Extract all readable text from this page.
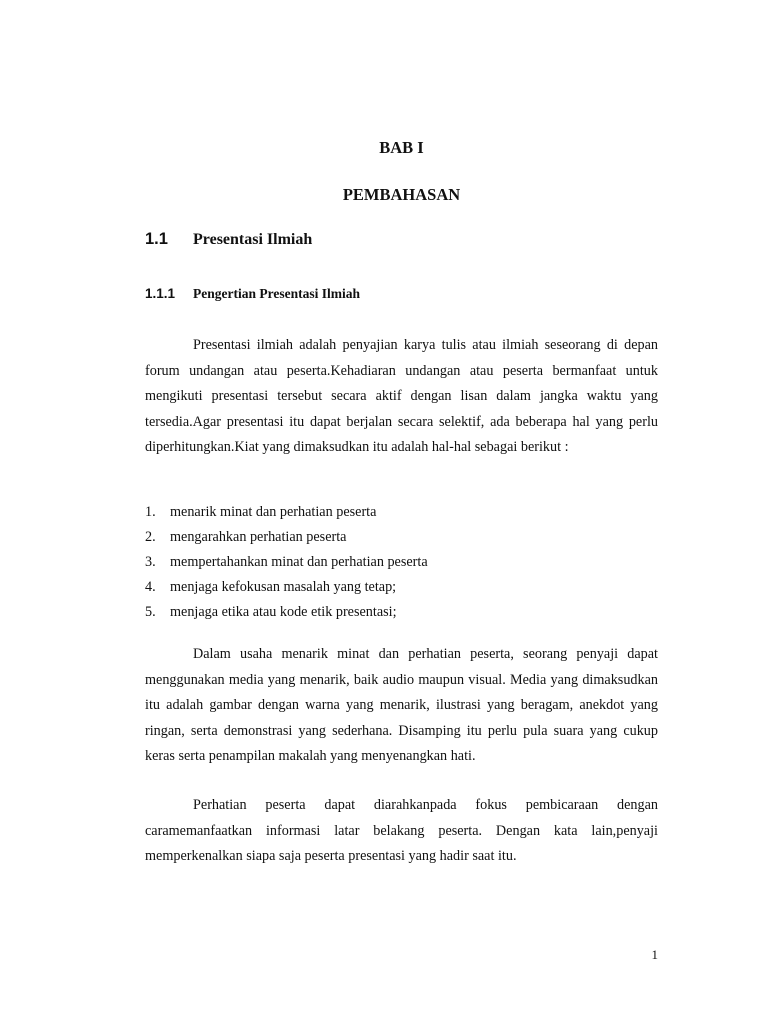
BAB I
PEMBAHASAN
1.1 Presentasi Ilmiah
1.1.1 Pengertian Presentasi Ilmiah

Presentasi ilmiah adalah penyajian karya tulis atau ilmiah seseorang di depan forum undangan atau peserta.Kehadiaran undangan atau peserta bermanfaat untuk mengikuti presentasi tersebut secara aktif dengan lisan dalam jangka waktu yang tersedia.Agar presentasi itu dapat berjalan secara selektif, ada beberapa hal yang perlu diperhitungkan.Kiat yang dimaksudkan itu adalah hal-hal sebagai berikut :

1.	menarik minat dan perhatian peserta
2.	mengarahkan perhatian peserta
3.	mempertahankan minat dan perhatian peserta
4.	menjaga kefokusan masalah yang tetap;
5.	menjaga etika atau kode etik presentasi;

Dalam usaha menarik minat dan perhatian peserta, seorang penyaji dapat menggunakan media yang menarik, baik audio maupun visual. Media yang dimaksudkan itu adalah gambar dengan warna yang menarik, ilustrasi yang beragam, anekdot yang ringan, serta demonstrasi yang sederhana. Disamping itu perlu pula suara yang cukup keras serta penampilan makalah yang menyenangkan hati.

Perhatian peserta dapat diarahkanpada fokus pembicaraan dengan caramemanfaatkan informasi latar belakang peserta. Dengan kata lain,penyaji memperkenalkan siapa saja peserta presentasi yang hadir saat itu.

1
